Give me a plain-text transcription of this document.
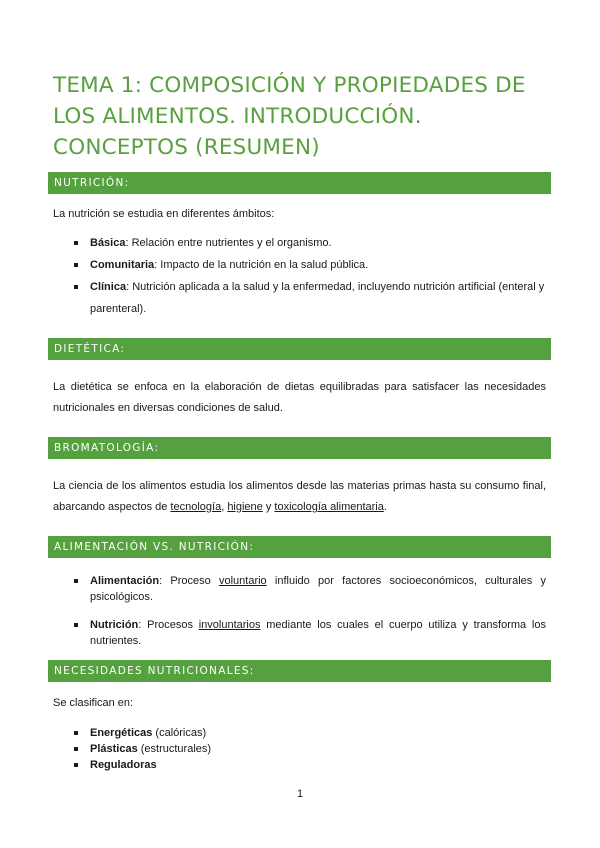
TEMA 1: COMPOSICIÓN Y PROPIEDADES DE LOS ALIMENTOS. INTRODUCCIÓN. CONCEPTOS (RESUMEN)
NUTRICIÓN:

La nutrición se estudia en diferentes ámbitos:

Básica: Relación entre nutrientes y el organismo.
Comunitaria: Impacto de la nutrición en la salud pública.
Clínica: Nutrición aplicada a la salud y la enfermedad, incluyendo nutrición artificial (enteral y parenteral).
DIETÉTICA:

La dietética se enfoca en la elaboración de dietas equilibradas para satisfacer las necesidades nutricionales en diversas condiciones de salud.

BROMATOLOGÍA:

La ciencia de los alimentos estudia los alimentos desde las materias primas hasta su consumo final, abarcando aspectos de tecnología, higiene y toxicología alimentaria.

ALIMENTACIÓN VS. NUTRICIÓN:
Alimentación: Proceso voluntario influido por factores socioeconómicos, culturales y psicológicos.
Nutrición: Procesos involuntarios mediante los cuales el cuerpo utiliza y transforma los nutrientes.
NECESIDADES NUTRICIONALES:

Se clasifican en:

Energéticas (calóricas)
Plásticas (estructurales)
Reguladoras
1
